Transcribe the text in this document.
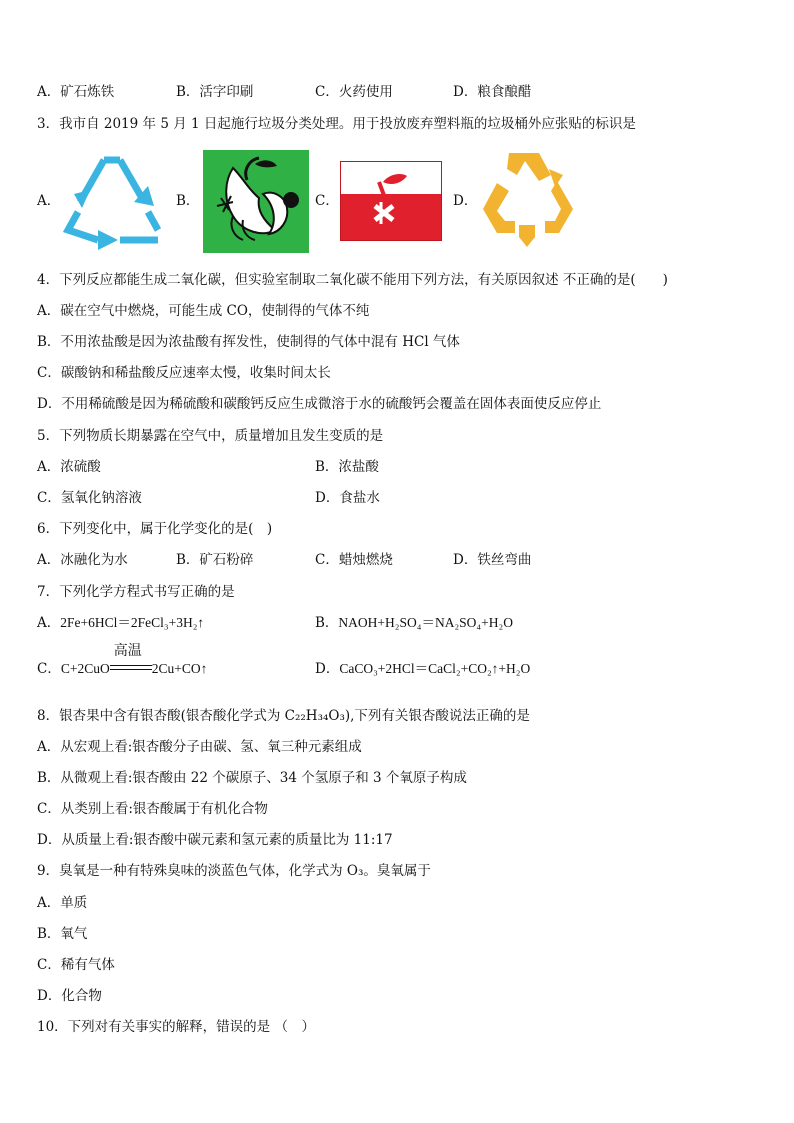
A．矿石炼铁	B．活字印刷	C．火药使用	D．粮食酿醋
3．我市自 2019 年 5 月 1 日起施行垃圾分类处理。用于投放废弃塑料瓶的垃圾桶外应张贴的标识是
A．	B．	C．	D．
4．下列反应都能生成二氧化碳，但实验室制取二氧化碳不能用下列方法，有关原因叙述 不正确的是(　　)
A．碳在空气中燃烧，可能生成 CO，使制得的气体不纯
B．不用浓盐酸是因为浓盐酸有挥发性，使制得的气体中混有 HCl 气体
C．碳酸钠和稀盐酸反应速率太慢，收集时间太长
D．不用稀硫酸是因为稀硫酸和碳酸钙反应生成微溶于水的硫酸钙会覆盖在固体表面使反应停止
5．下列物质长期暴露在空气中，质量增加且发生变质的是
A．浓硫酸	B．浓盐酸
C．氢氧化钠溶液	D．食盐水
6．下列变化中，属于化学变化的是(　)
A．冰融化为水	B．矿石粉碎	C．蜡烛燃烧	D．铁丝弯曲
7．下列化学方程式书写正确的是
A．2Fe+6HCl＝2FeCl₃+3H₂↑	B．NAOH+H₂SO₄＝NA₂SO₄+H₂O
C．C+2CuO
高温
2Cu+CO↑	D．CaCO₃+2HCl＝CaCl₂+CO₂↑+H₂O
8．银杏果中含有银杏酸(银杏酸化学式为 C₂₂H₃₄O₃),下列有关银杏酸说法正确的是
A．从宏观上看:银杏酸分子由碳、氢、氧三种元素组成
B．从微观上看:银杏酸由 22 个碳原子、34 个氢原子和 3 个氧原子构成
C．从类别上看:银杏酸属于有机化合物
D．从质量上看:银杏酸中碳元素和氢元素的质量比为 11:17
9．臭氧是一种有特殊臭味的淡蓝色气体，化学式为 O₃。臭氧属于
A．单质
B．氧气
C．稀有气体
D．化合物
10．下列对有关事实的解释，错误的是 （　）
